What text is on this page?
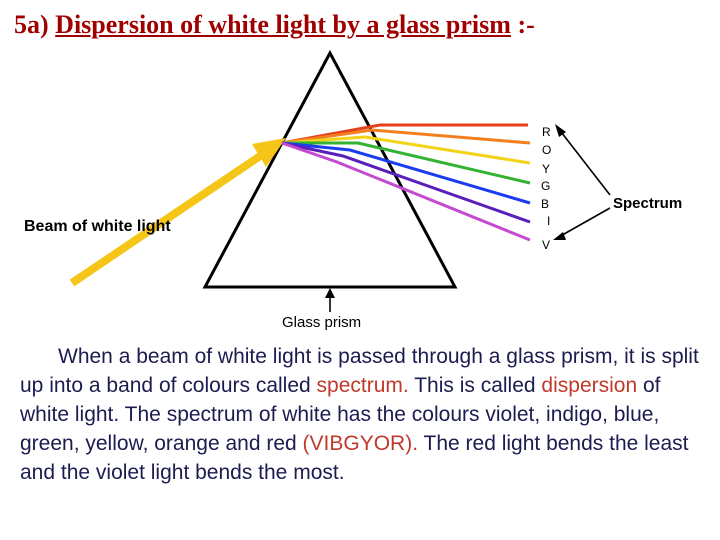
5a) Dispersion of white light by a glass prism :-
R
O
Y
G
B
I
V
Beam of white light
Spectrum
Glass prism
When a beam of white light is passed through a glass prism, it is split up into a band of colours called spectrum. This is called dispersion of white light. The spectrum of white has the colours violet, indigo, blue, green, yellow, orange and red (VIBGYOR). The red light bends the least and the violet light bends the most.
